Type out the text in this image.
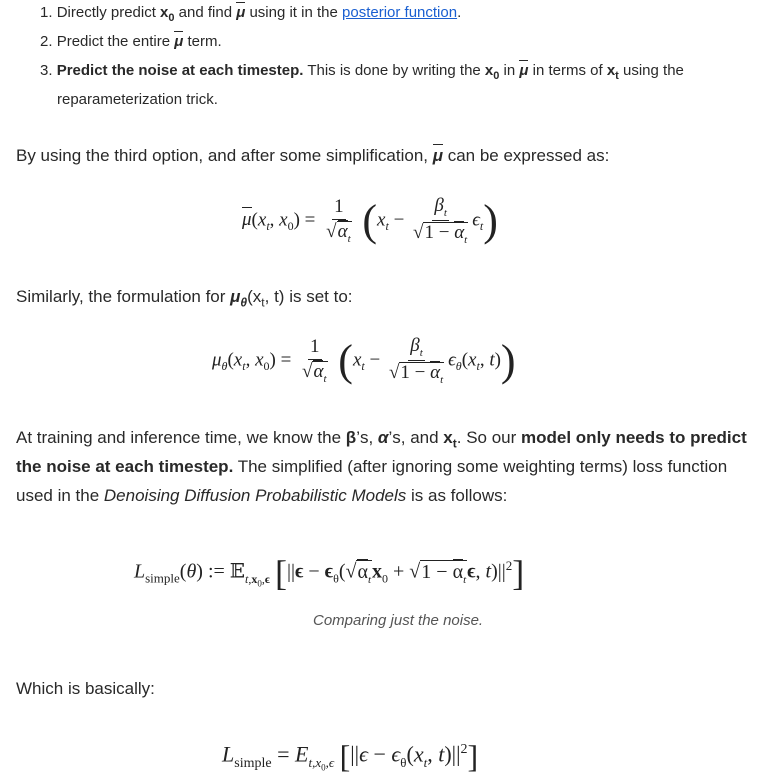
1. Directly predict $x_0$ and find μ using it in the posterior function.
2. Predict the entire μ term.
3. Predict the noise at each timestep. This is done by writing the $x_0$ in μ in terms of $x_t$ using the
reparameterization trick.
By using the third option, and after some simplification, μ can be expressed as:
$\mu(x_t$, $x_0) = \frac{1}{√\alpha_t} (x_t - \frac{\beta_t}{√1 - \alpha_t} \epsilon_t)$
Similarly, the formulation for $\mu_\theta(x_t$, t) is set to:
$\mu_\theta(x_t$, $x_0) = \frac{1}{√\alpha_t} (x_t - \frac{\beta_t}{√1 - \alpha_t} \epsilon_\theta(x_t$, t))
At training and inference time, we know the β’s, α’s, and $x_t$. So our model only needs to predict
the noise at each timestep. The simplified (after ignoring some weighting terms) loss function
used in the Denoising Diffusion Probabilistic Models is as follows:
$L_{simple}(\theta)$ := 𝔼$_{t,x_0,\epsilon}$ [$||\epsilon - \epsilon_\theta(√\alpha_tx_0 + √1 - \alpha_t\epsilon$, $t)||^2$]
Comparing just the noise.
Which is basically:
$L_{simple} = E_{t,x_0,\epsilon}$ [$||\epsilon - \epsilon_\theta(x_t$, $t)||^2$]
